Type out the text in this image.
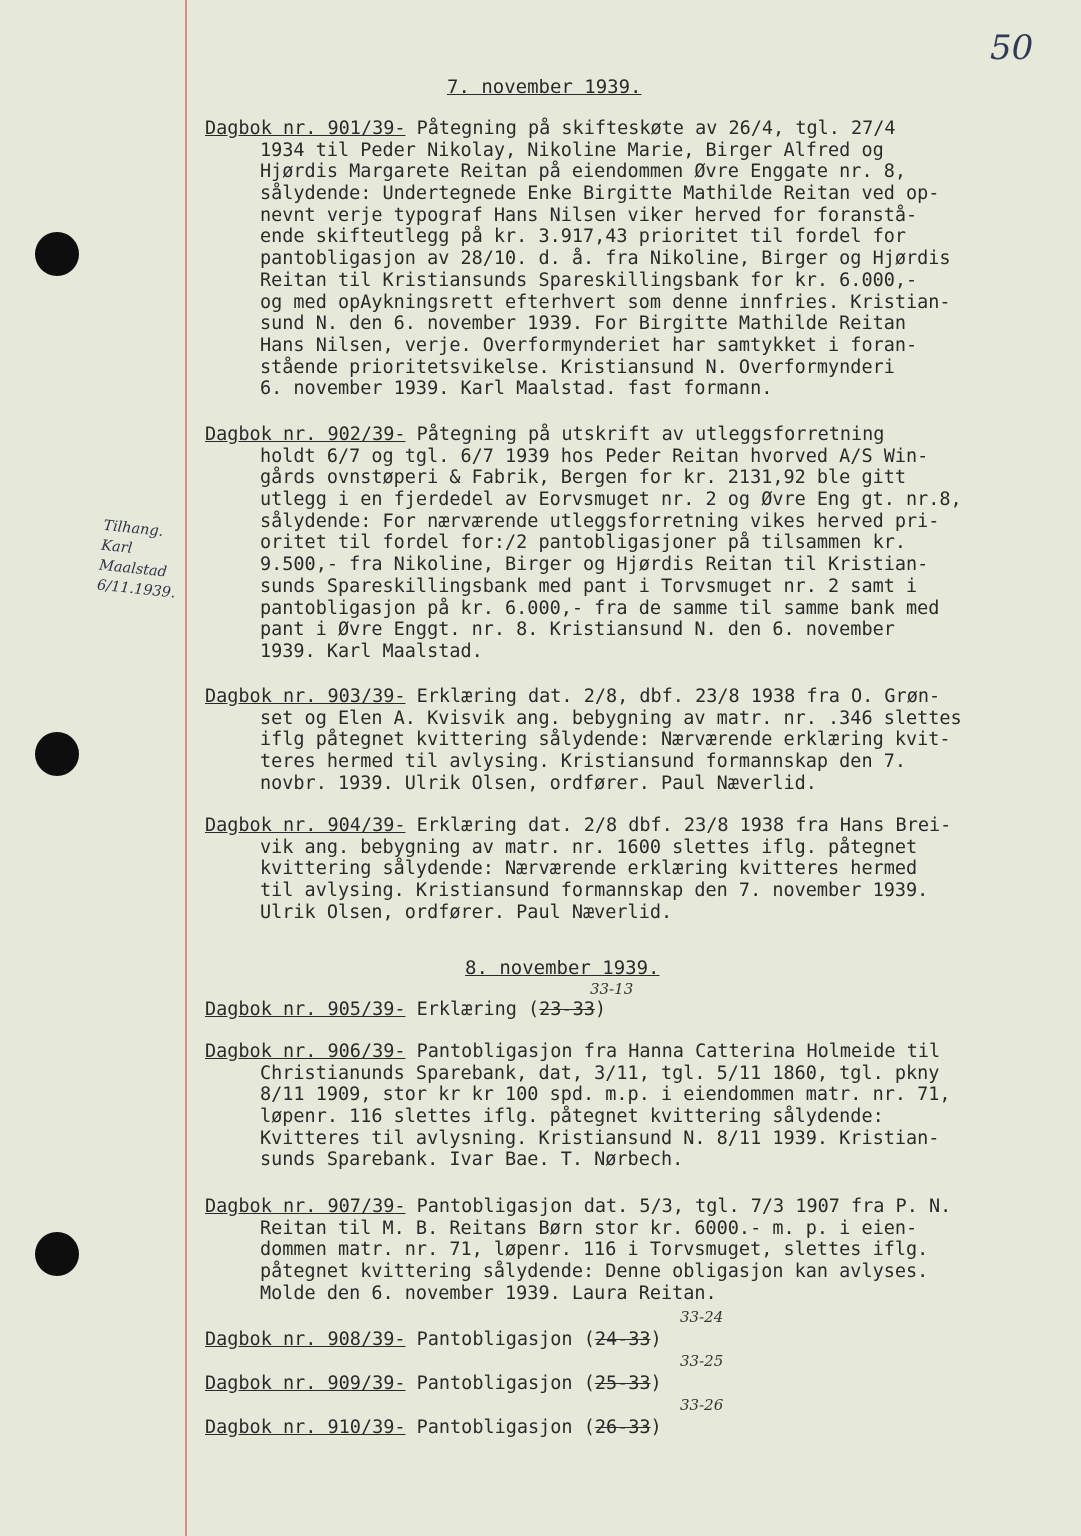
50
7. november 1939.
Dagbok nr. 901/39- Påtegning på skifteskøte av 26/4, tgl. 27/4
1934 til Peder Nikolay, Nikoline Marie, Birger Alfred og
Hjørdis Margarete Reitan på eiendommen Øvre Enggate nr. 8,
sålydende: Undertegnede Enke Birgitte Mathilde Reitan ved op-
nevnt verje typograf Hans Nilsen viker herved for foranstå-
ende skifteutlegg på kr. 3.917,43 prioritet til fordel for
pantobligasjon av 28/10. d. å. fra Nikoline, Birger og Hjørdis
Reitan til Kristiansunds Spareskillingsbank for kr. 6.000,-
og med opAykningsrett efterhvert som denne innfries. Kristian-
sund N. den 6. november 1939. For Birgitte Mathilde Reitan
Hans Nilsen, verje. Overformynderiet har samtykket i foran-
stående prioritetsvikelse. Kristiansund N. Overformynderi
6. november 1939. Karl Maalstad. fast formann.
Dagbok nr. 902/39- Påtegning på utskrift av utleggsforretning
holdt 6/7 og tgl. 6/7 1939 hos Peder Reitan hvorved A/S Win-
gårds ovnstøperi & Fabrik, Bergen for kr. 2131,92 ble gitt
utlegg i en fjerdedel av Eorvsmuget nr. 2 og Øvre Eng gt. nr.8,
sålydende: For nærværende utleggsforretning vikes herved pri-
oritet til fordel for:/2 pantobligasjoner på tilsammen kr.
9.500,- fra Nikoline, Birger og Hjørdis Reitan til Kristian-
sunds Spareskillingsbank med pant i Torvsmuget nr. 2 samt i
pantobligasjon på kr. 6.000,- fra de samme til samme bank med
pant i Øvre Enggt. nr. 8. Kristiansund N. den 6. november
1939. Karl Maalstad.
Tilhang.
Karl Maalstad
6/11.1939.
Dagbok nr. 903/39- Erklæring dat. 2/8, dbf. 23/8 1938 fra O. Grøn-
set og Elen A. Kvisvik ang. bebygning av matr. nr. .346 slettes
iflg påtegnet kvittering sålydende: Nærværende erklæring kvit-
teres hermed til avlysing. Kristiansund formannskap den 7.
novbr. 1939. Ulrik Olsen, ordfører. Paul Næverlid.
Dagbok nr. 904/39- Erklæring dat. 2/8 dbf. 23/8 1938 fra Hans Brei-
vik ang. bebygning av matr. nr. 1600 slettes iflg. påtegnet
kvittering sålydende: Nærværende erklæring kvitteres hermed
til avlysing. Kristiansund formannskap den 7. november 1939.
Ulrik Olsen, ordfører. Paul Næverlid.
8. november 1939.
33-13
Dagbok nr. 905/39- Erklæring (23-33)
Dagbok nr. 906/39- Pantobligasjon fra Hanna Catterina Holmeide til
Christianunds Sparebank, dat, 3/11, tgl. 5/11 1860, tgl. pkny
8/11 1909, stor kr kr 100 spd. m.p. i eiendommen matr. nr. 71,
løpenr. 116 slettes iflg. påtegnet kvittering sålydende:
Kvitteres til avlysning. Kristiansund N. 8/11 1939. Kristian-
sunds Sparebank. Ivar Bae. T. Nørbech.
Dagbok nr. 907/39- Pantobligasjon dat. 5/3, tgl. 7/3 1907 fra P. N.
Reitan til M. B. Reitans Børn stor kr. 6000.- m. p. i eien-
dommen matr. nr. 71, løpenr. 116 i Torvsmuget, slettes iflg.
påtegnet kvittering sålydende: Denne obligasjon kan avlyses.
Molde den 6. november 1939. Laura Reitan.
33-24
Dagbok nr. 908/39- Pantobligasjon (24-33)
33-25
Dagbok nr. 909/39- Pantobligasjon (25-33)
33-26
Dagbok nr. 910/39- Pantobligasjon (26-33)
